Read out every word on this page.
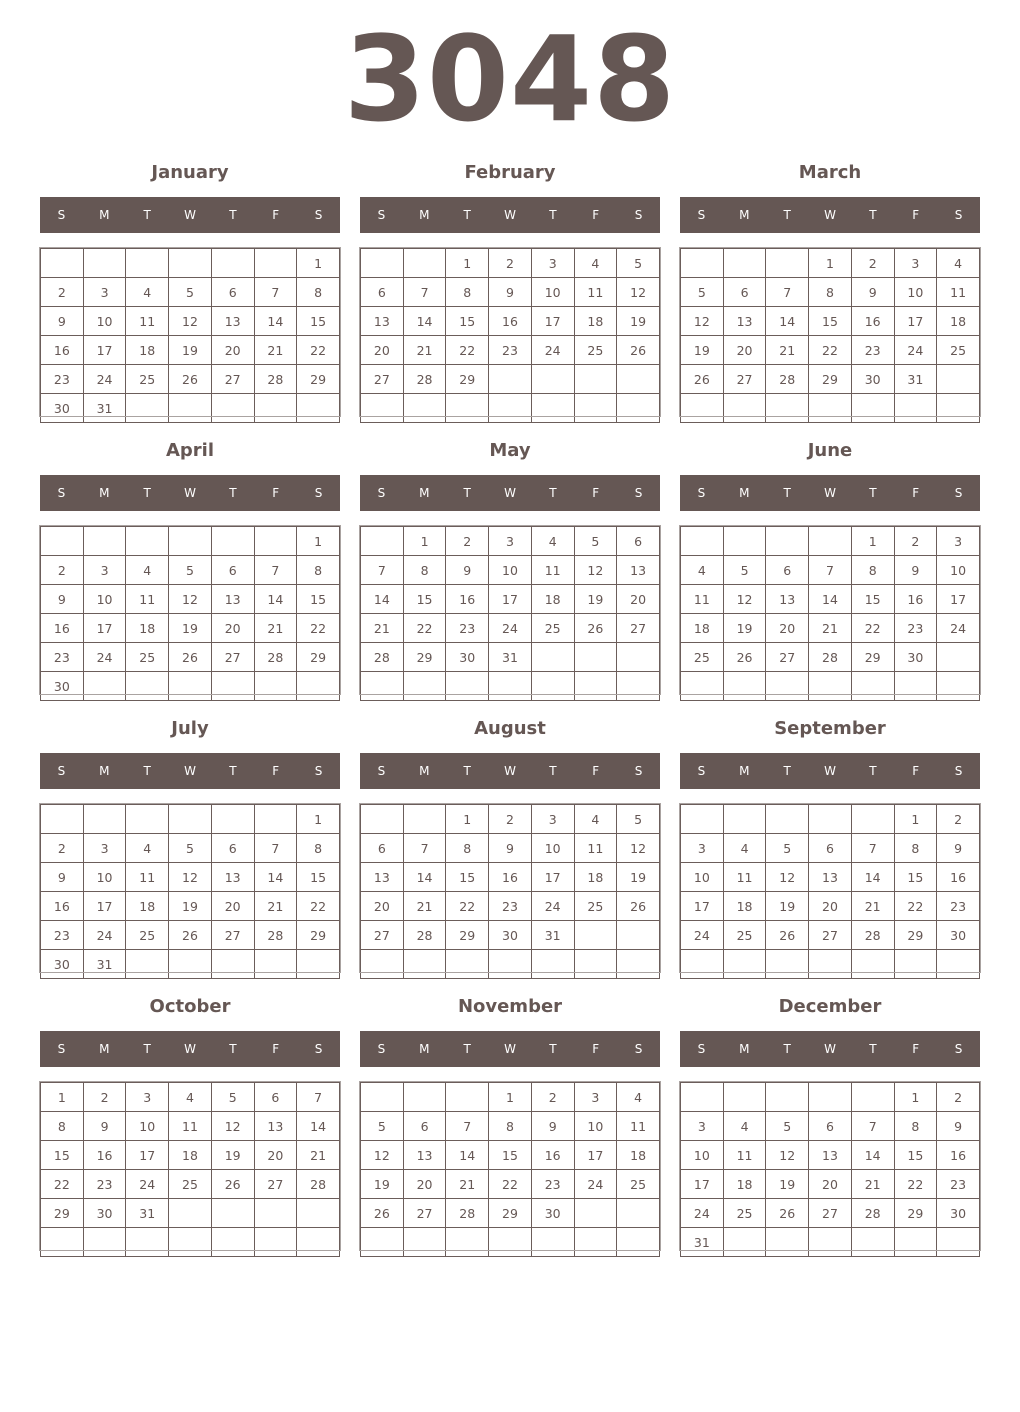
3048
January
S	M	T	W	T	F	S
						1
2	3	4	5	6	7	8
9	10	11	12	13	14	15
16	17	18	19	20	21	22
23	24	25	26	27	28	29
30	31					
February
S	M	T	W	T	F	S
		1	2	3	4	5
6	7	8	9	10	11	12
13	14	15	16	17	18	19
20	21	22	23	24	25	26
27	28	29				

March
S	M	T	W	T	F	S
			1	2	3	4
5	6	7	8	9	10	11
12	13	14	15	16	17	18
19	20	21	22	23	24	25
26	27	28	29	30	31	

April
S	M	T	W	T	F	S
						1
2	3	4	5	6	7	8
9	10	11	12	13	14	15
16	17	18	19	20	21	22
23	24	25	26	27	28	29
30						
May
S	M	T	W	T	F	S
	1	2	3	4	5	6
7	8	9	10	11	12	13
14	15	16	17	18	19	20
21	22	23	24	25	26	27
28	29	30	31			

June
S	M	T	W	T	F	S
				1	2	3
4	5	6	7	8	9	10
11	12	13	14	15	16	17
18	19	20	21	22	23	24
25	26	27	28	29	30	

July
S	M	T	W	T	F	S
						1
2	3	4	5	6	7	8
9	10	11	12	13	14	15
16	17	18	19	20	21	22
23	24	25	26	27	28	29
30	31					
August
S	M	T	W	T	F	S
		1	2	3	4	5
6	7	8	9	10	11	12
13	14	15	16	17	18	19
20	21	22	23	24	25	26
27	28	29	30	31		

September
S	M	T	W	T	F	S
					1	2
3	4	5	6	7	8	9
10	11	12	13	14	15	16
17	18	19	20	21	22	23
24	25	26	27	28	29	30

October
S	M	T	W	T	F	S
1	2	3	4	5	6	7
8	9	10	11	12	13	14
15	16	17	18	19	20	21
22	23	24	25	26	27	28
29	30	31				

November
S	M	T	W	T	F	S
			1	2	3	4
5	6	7	8	9	10	11
12	13	14	15	16	17	18
19	20	21	22	23	24	25
26	27	28	29	30		

December
S	M	T	W	T	F	S
					1	2
3	4	5	6	7	8	9
10	11	12	13	14	15	16
17	18	19	20	21	22	23
24	25	26	27	28	29	30
31						
